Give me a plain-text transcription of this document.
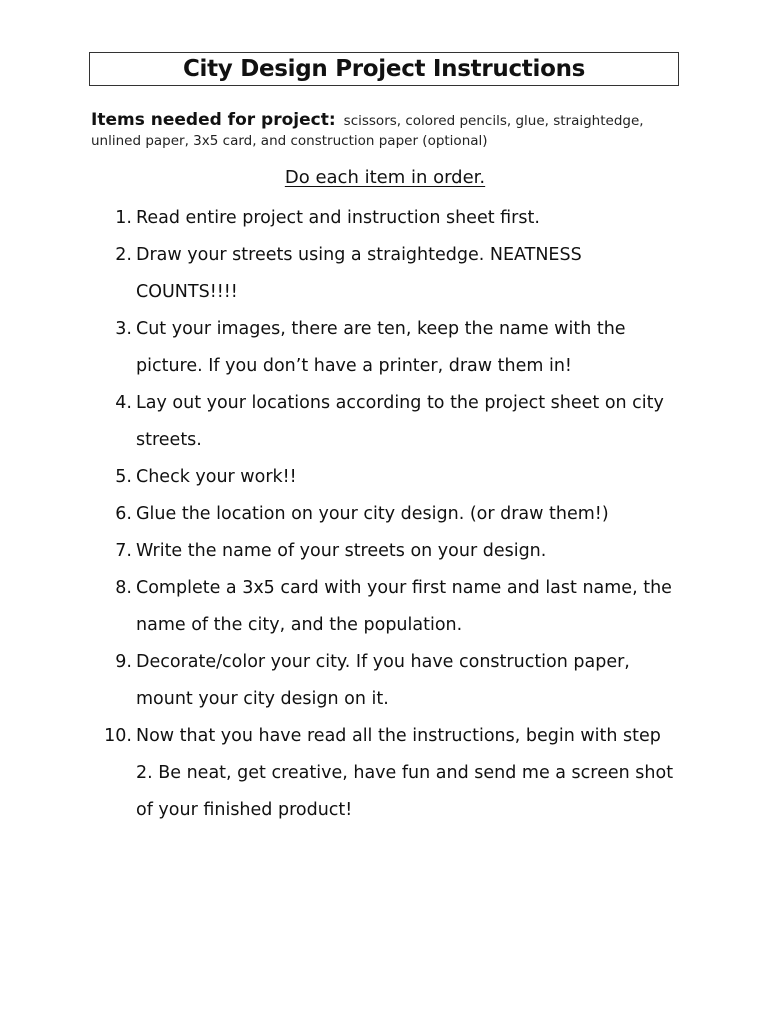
City Design Project Instructions
Items needed for project: scissors, colored pencils, glue, straightedge, unlined paper, 3x5 card, and construction paper (optional)
Do each item in order.
1. Read entire project and instruction sheet first.
2. Draw your streets using a straightedge. NEATNESS COUNTS!!!!
3. Cut your images, there are ten, keep the name with the picture. If you don’t have a printer, draw them in!
4. Lay out your locations according to the project sheet on city streets.
5. Check your work!!
6. Glue the location on your city design. (or draw them!)
7. Write the name of your streets on your design.
8. Complete a 3x5 card with your first name and last name, the name of the city, and the population.
9. Decorate/color your city. If you have construction paper, mount your city design on it.
10. Now that you have read all the instructions, begin with step 2. Be neat, get creative, have fun and send me a screen shot of your finished product!
